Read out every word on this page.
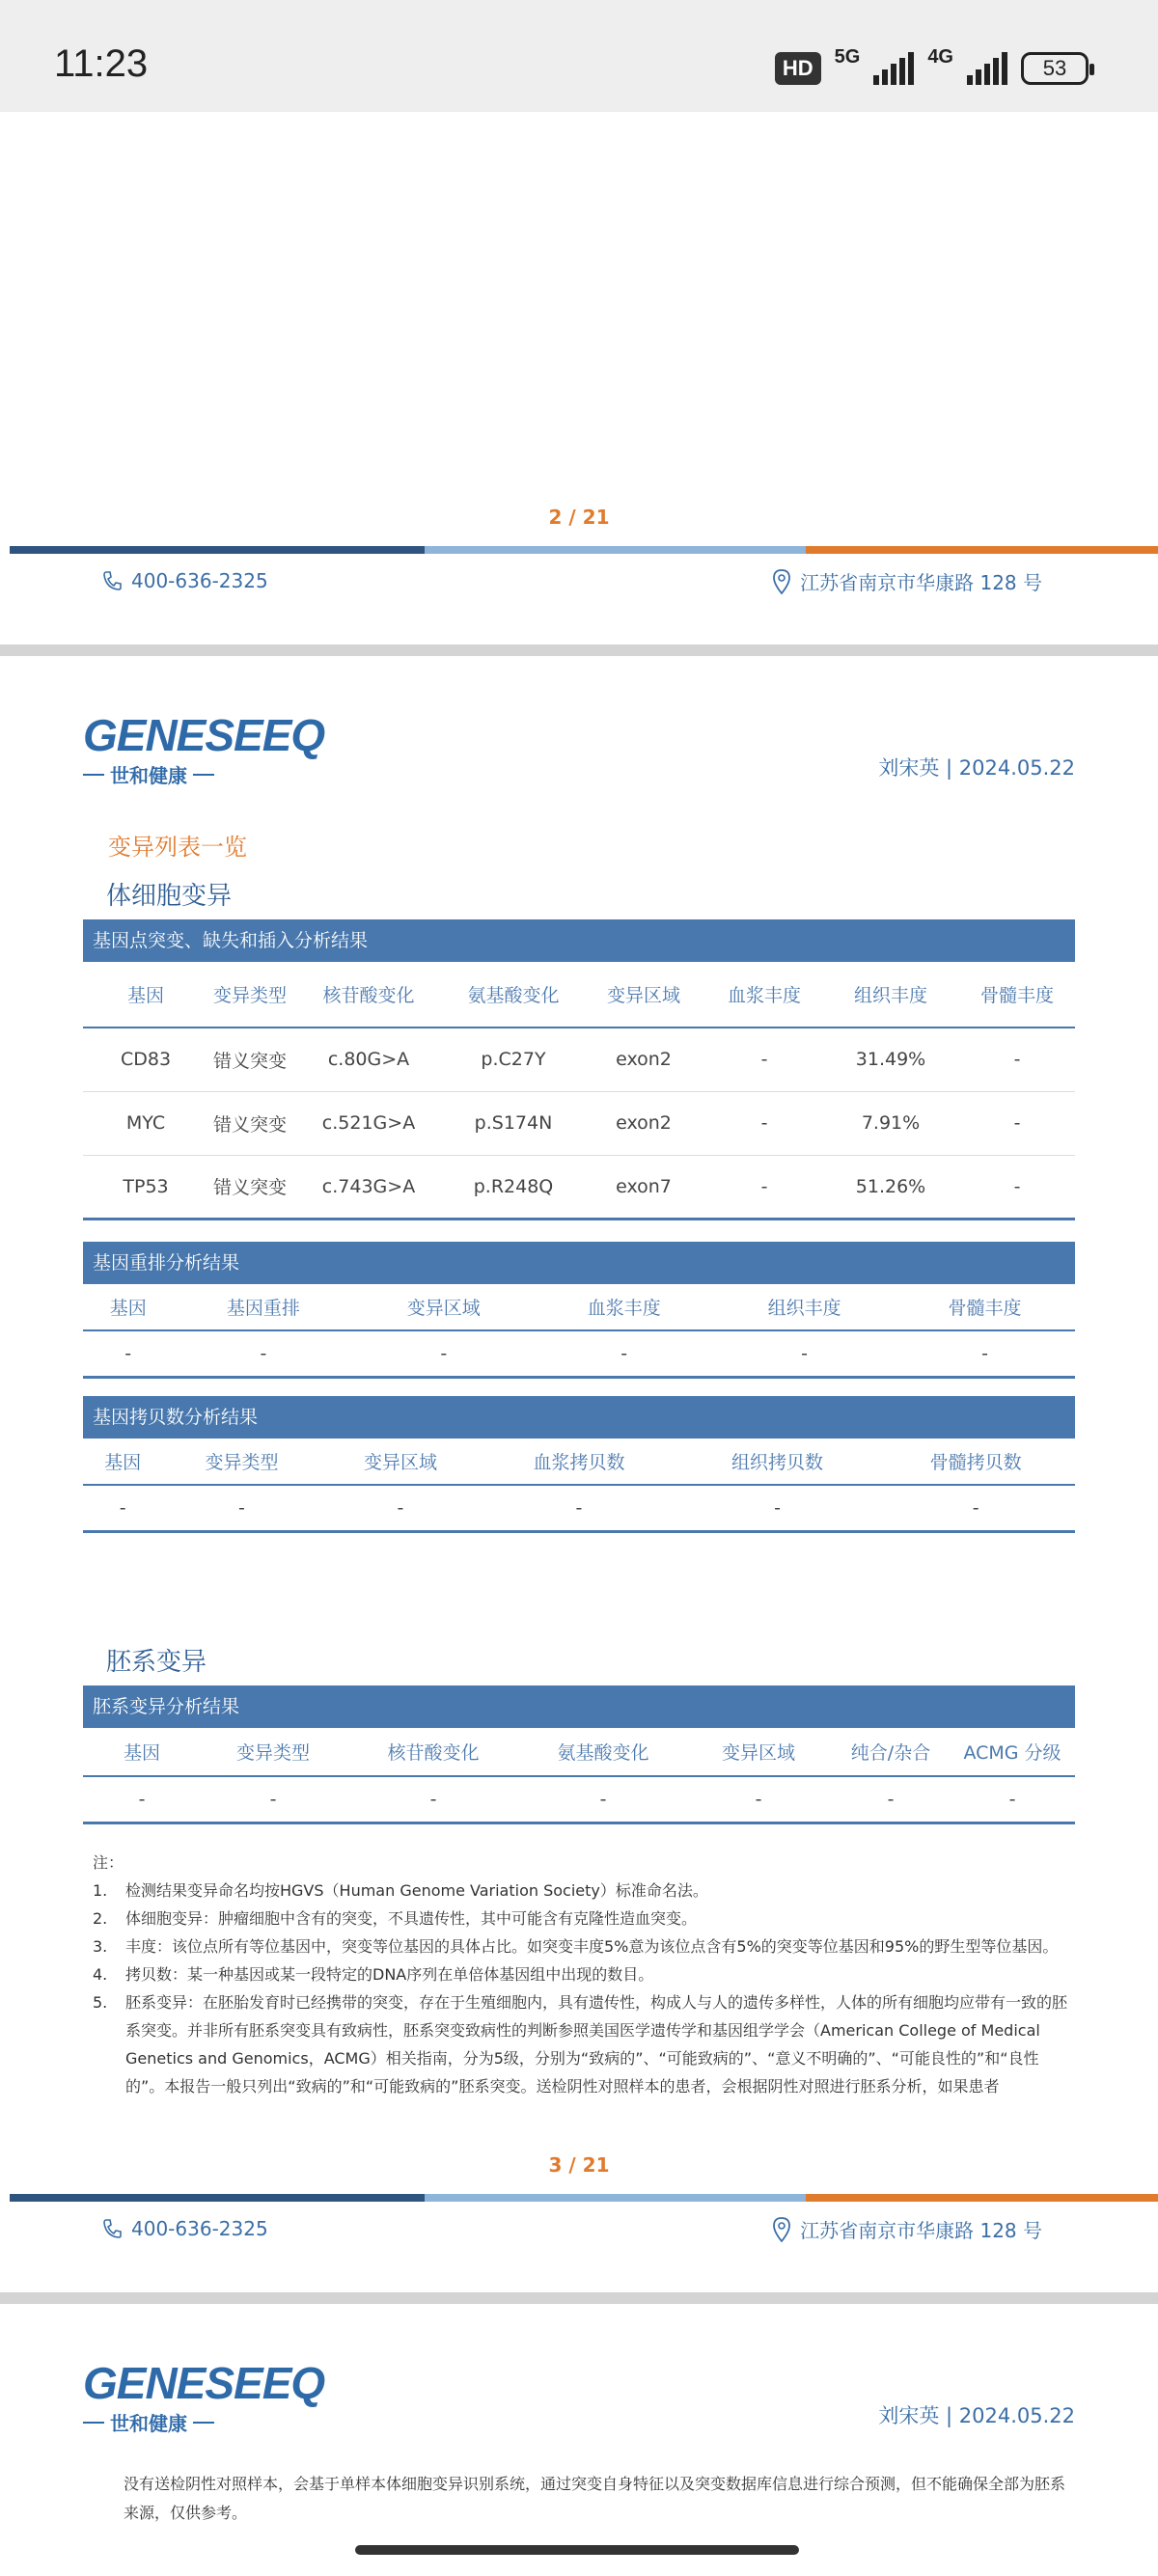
11:23	HD	5G	4G	53
2 / 21
400-636-2325	江苏省南京市华康路 128 号
GENESEEQ
世和健康	刘宋英 | 2024.05.22
变异列表一览
体细胞变异
基因点突变、缺失和插入分析结果
基因	变异类型	核苷酸变化	氨基酸变化	变异区域	血浆丰度	组织丰度	骨髓丰度
CD83	错义突变	c.80G>A	p.C27Y	exon2	-	31.49%	-
MYC	错义突变	c.521G>A	p.S174N	exon2	-	7.91%	-
TP53	错义突变	c.743G>A	p.R248Q	exon7	-	51.26%	-
基因重排分析结果
基因	基因重排	变异区域	血浆丰度	组织丰度	骨髓丰度
-	-	-	-	-	-
基因拷贝数分析结果
基因	变异类型	变异区域	血浆拷贝数	组织拷贝数	骨髓拷贝数
-	-	-	-	-	-
胚系变异
胚系变异分析结果
基因	变异类型	核苷酸变化	氨基酸变化	变异区域	纯合/杂合	ACMG 分级
-	-	-	-	-	-	-
注：
1.	检测结果变异命名均按HGVS（Human Genome Variation Society）标准命名法。
2.	体细胞变异：肿瘤细胞中含有的突变，不具遗传性，其中可能含有克隆性造血突变。
3.	丰度：该位点所有等位基因中，突变等位基因的具体占比。如突变丰度5%意为该位点含有5%的突变等位基因和95%的野生型等位基因。
4.	拷贝数：某一种基因或某一段特定的DNA序列在单倍体基因组中出现的数目。
5.	胚系变异：在胚胎发育时已经携带的突变，存在于生殖细胞内，具有遗传性，构成人与人的遗传多样性，人体的所有细胞均应带有一致的胚系突变。并非所有胚系突变具有致病性，胚系突变致病性的判断参照美国医学遗传学和基因组学学会（American College of Medical Genetics and Genomics，ACMG）相关指南，分为5级，分别为“致病的”、“可能致病的”、“意义不明确的”、“可能良性的”和“良性的”。本报告一般只列出“致病的”和“可能致病的”胚系突变。送检阴性对照样本的患者，会根据阴性对照进行胚系分析，如果患者
3 / 21
400-636-2325	江苏省南京市华康路 128 号
GENESEEQ
世和健康	刘宋英 | 2024.05.22
没有送检阴性对照样本，会基于单样本体细胞变异识别系统，通过突变自身特征以及突变数据库信息进行综合预测，但不能确保全部为胚系来源，仅供参考。
